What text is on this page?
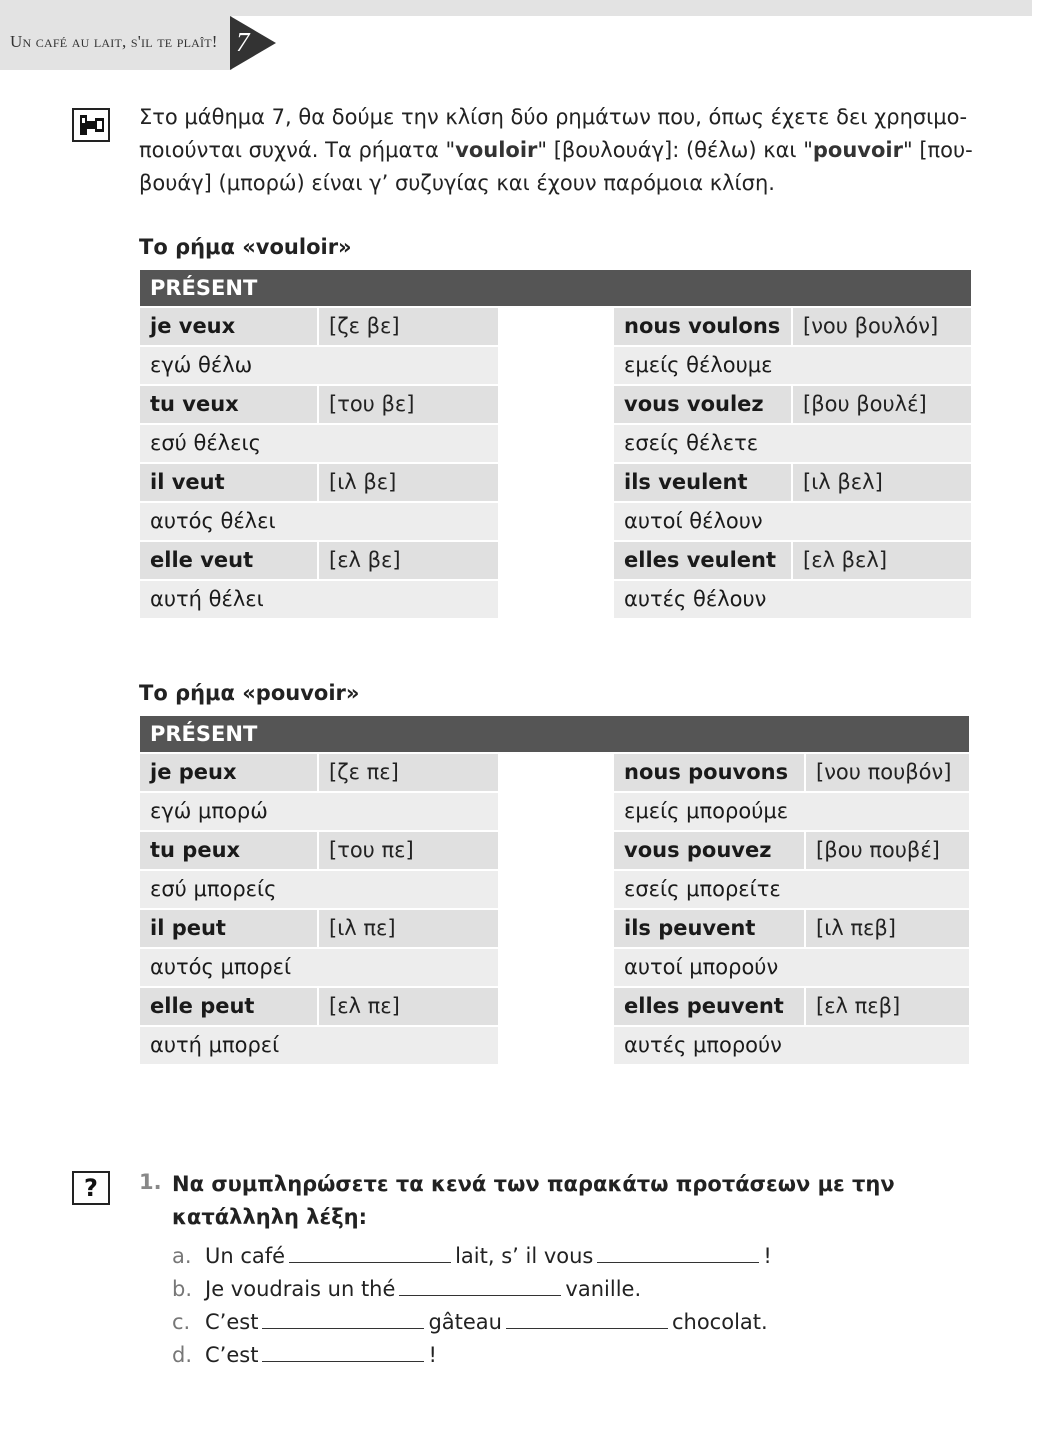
Un café au lait, s'il te plaît! 7
Στο μάθημα 7, θα δούμε την κλίση δύο ρημάτων που, όπως έχετε δει χρησιμο-ποιούνται συχνά. Τα ρήματα "vouloir" [βουλουάγ]: (θέλω) και "pouvoir" [που-βουάγ] (μπορώ) είναι γ’ συζυγίας και έχουν παρόμοια κλίση.
Το ρήμα «vouloir»
PRÉSENT
je veux	[ζε βε]
εγώ θέλω
tu veux	[του βε]
εσύ θέλεις
il veut	[ιλ βε]
αυτός θέλει
elle veut	[ελ βε]
αυτή θέλει
nous voulons	[νου βουλόν]
εμείς θέλουμε
vous voulez	[βου βουλέ]
εσείς θέλετε
ils veulent	[ιλ βελ]
αυτοί θέλουν
elles veulent	[ελ βελ]
αυτές θέλουν
Το ρήμα «pouvoir»
PRÉSENT
je peux	[ζε πε]
εγώ μπορώ
tu peux	[του πε]
εσύ μπορείς
il peut	[ιλ πε]
αυτός μπορεί
elle peut	[ελ πε]
αυτή μπορεί
nous pouvons	[νου πουβόν]
εμείς μπορούμε
vous pouvez	[βου πουβέ]
εσείς μπορείτε
ils peuvent	[ιλ πεβ]
αυτοί μπορούν
elles peuvent	[ελ πεβ]
αυτές μπορούν
? 1. Να συμπληρώσετε τα κενά των παρακάτω προτάσεων με την κατάλληλη λέξη:
a. Un café	lait, s’ il vous	!
b. Je voudrais un thé	vanille.
c. C’est	gâteau	chocolat.
d. C’est	!
